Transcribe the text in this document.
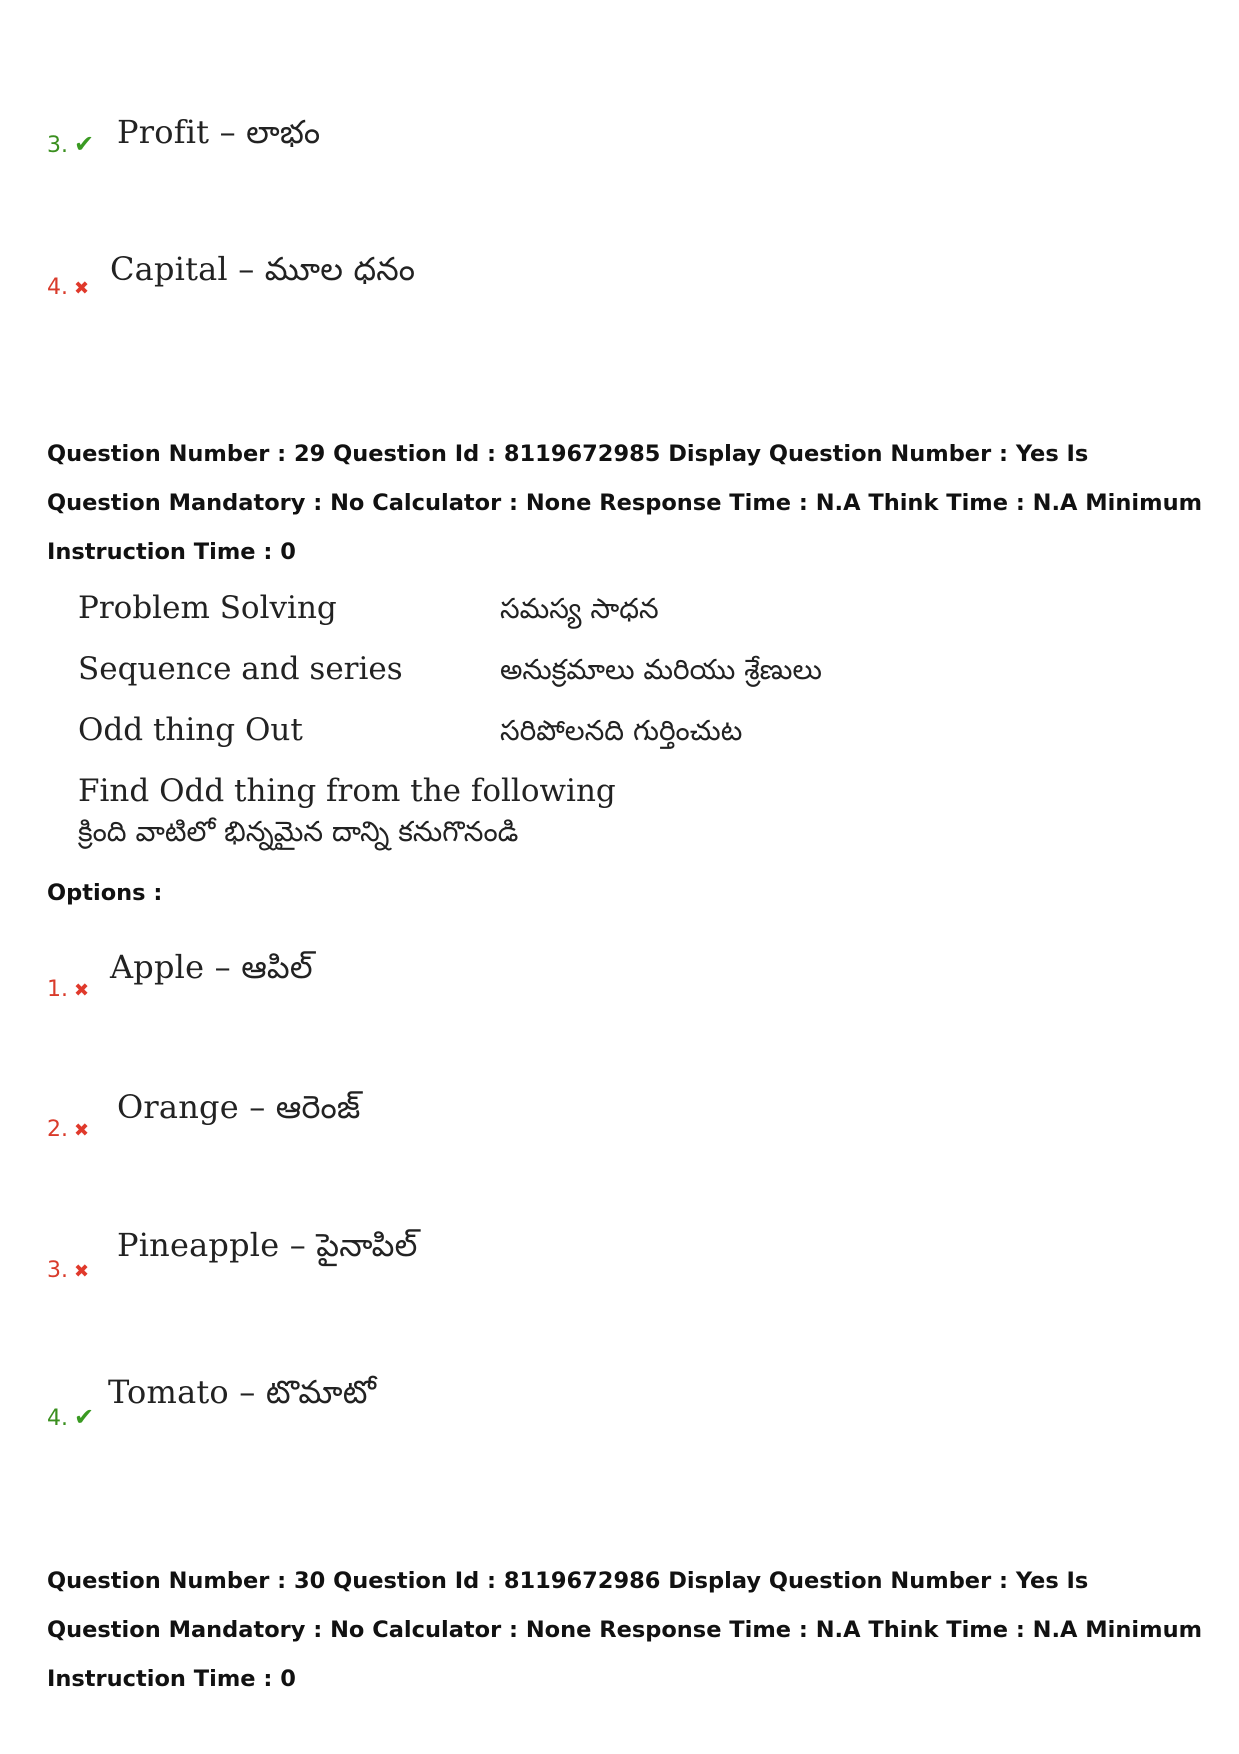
3. ✔ Profit – లాభం
4. ✖
Capital – మూల ధనం
Question Number : 29 Question Id : 8119672985 Display Question Number : Yes Is Question Mandatory : No Calculator : None Response Time : N.A Think Time : N.A Minimum Instruction Time : 0
Problem Solving	సమస్య సాధన
Sequence and series	అనుక్రమాలు మరియు శ్రేణులు
Odd thing Out	సరిపోలనది గుర్తించుట
Find Odd thing from the following
క్రింది వాటిలో భిన్నమైన దాన్ని కనుగొనండి
Options :
1. ✖
Apple – ఆపిల్
2. ✖
Orange – ఆరెంజ్
3. ✖
Pineapple – పైనాపిల్
4. ✔
Tomato – టొమాటో
Question Number : 30 Question Id : 8119672986 Display Question Number : Yes Is Question Mandatory : No Calculator : None Response Time : N.A Think Time : N.A Minimum Instruction Time : 0
